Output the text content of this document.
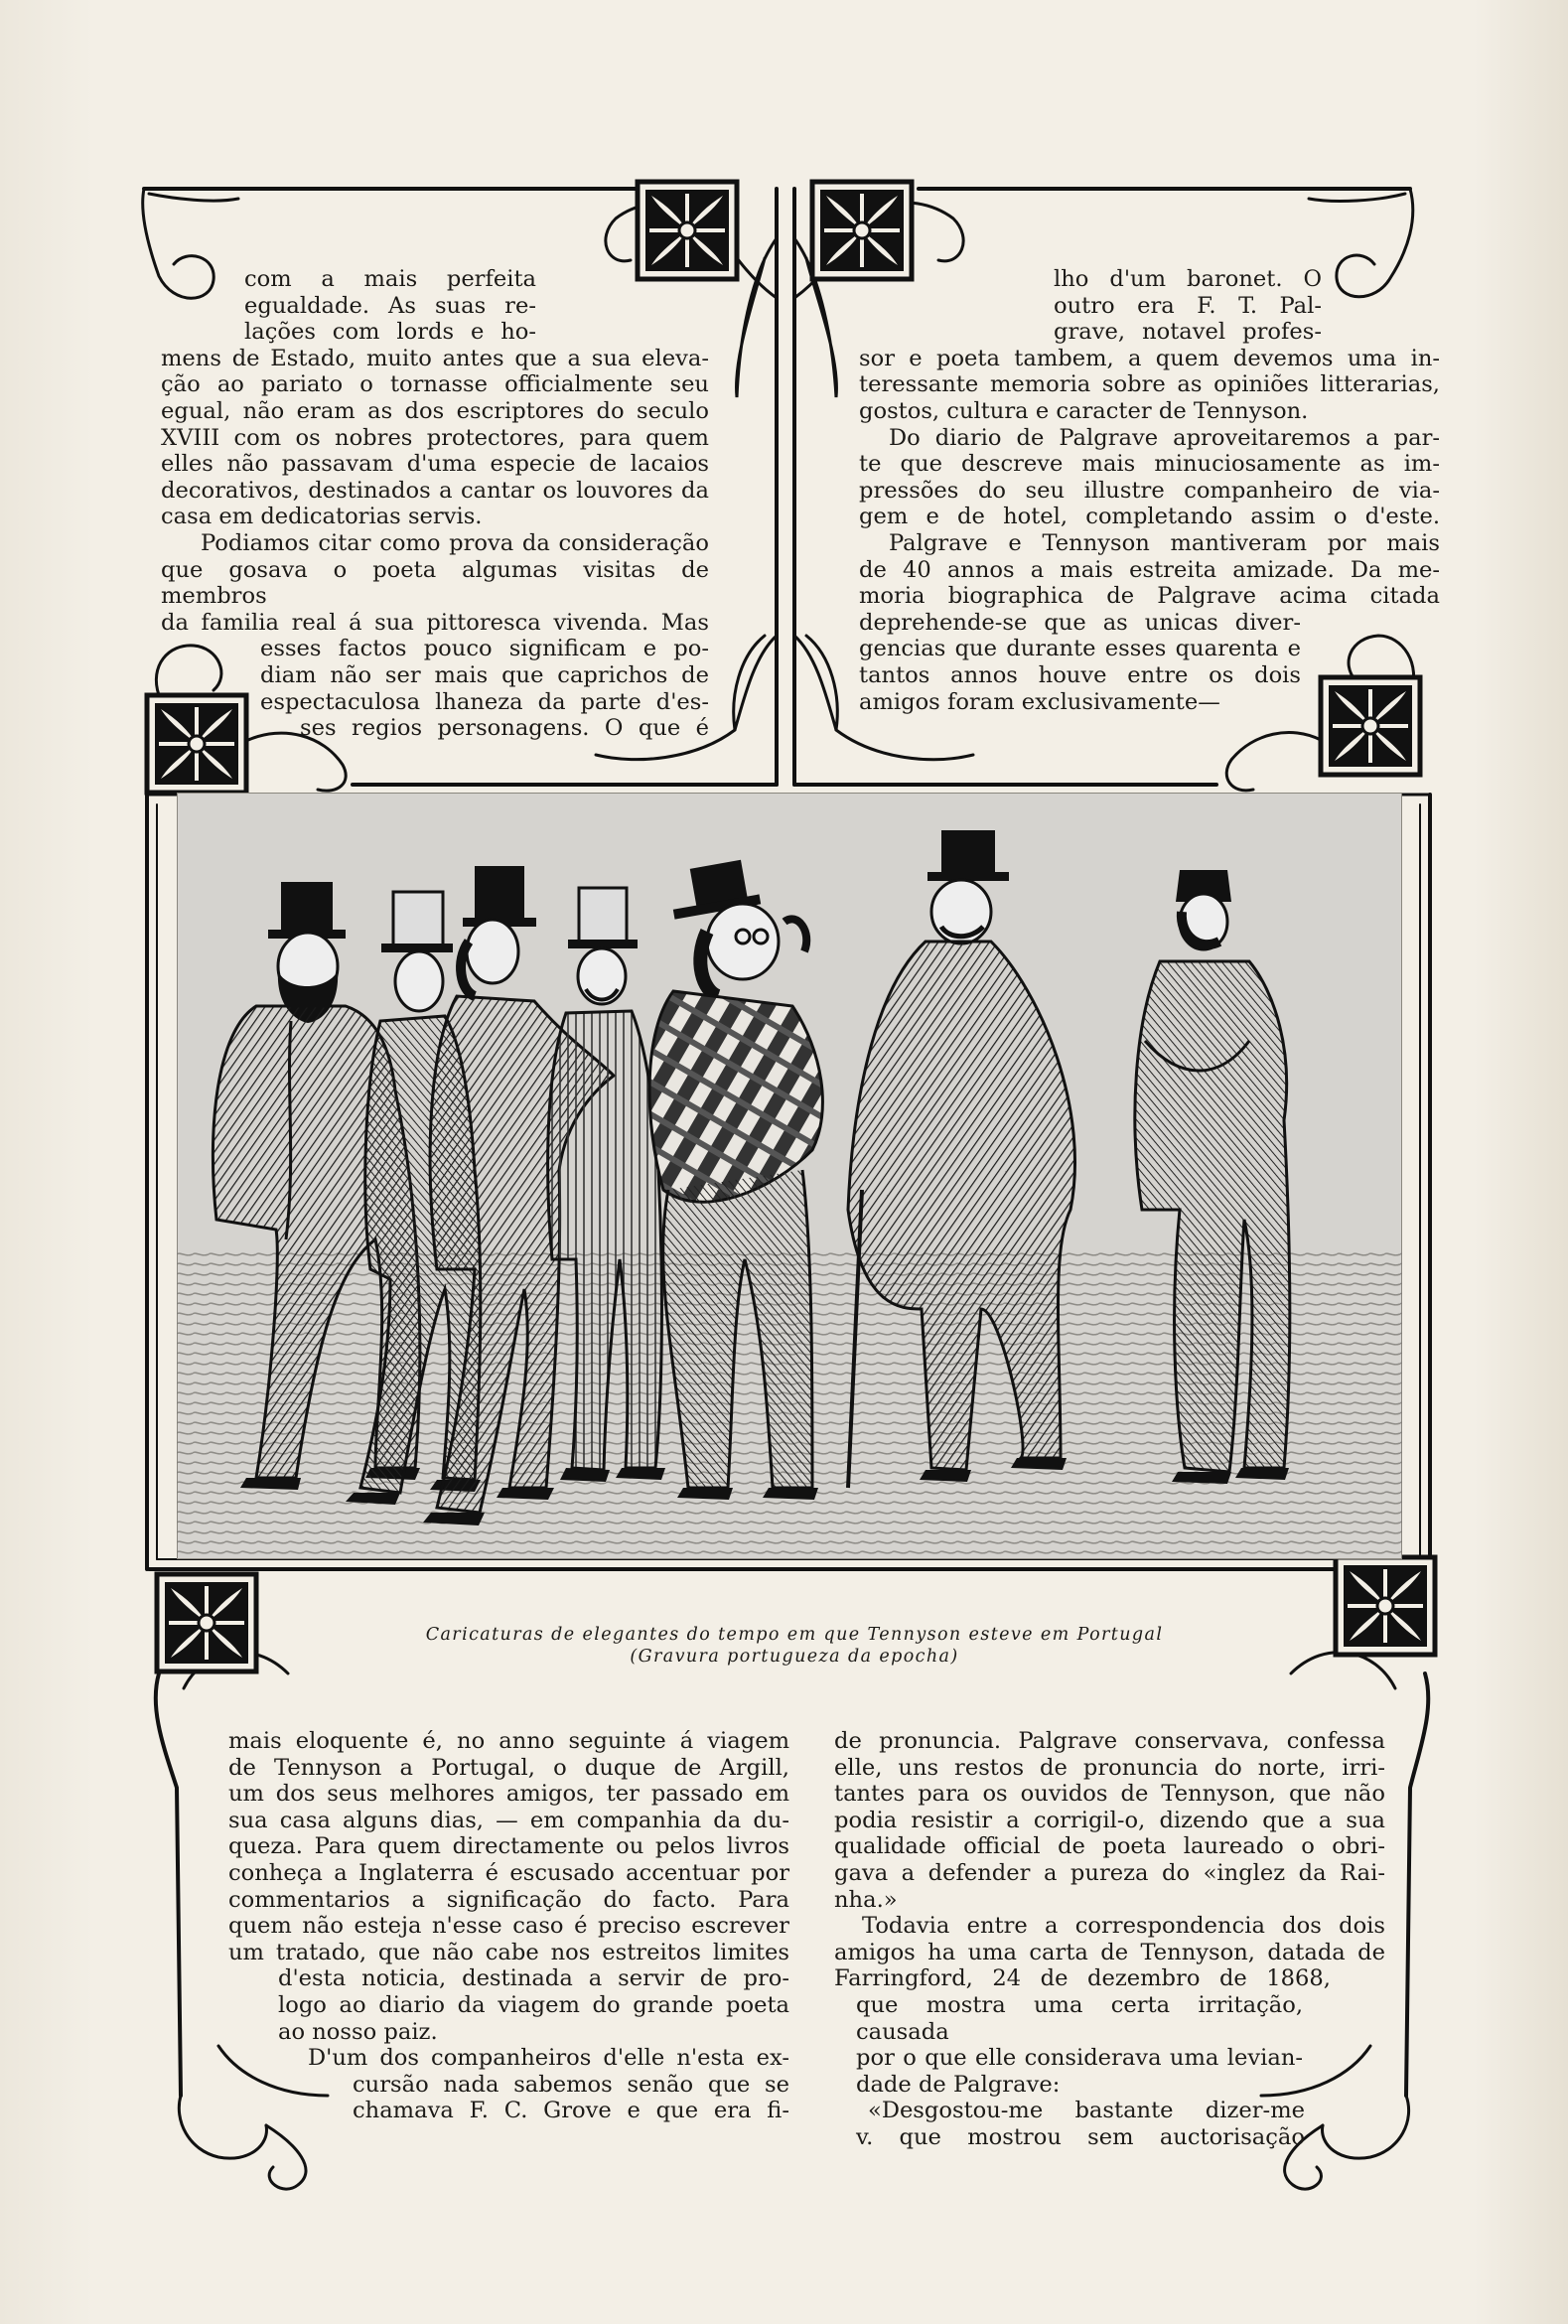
com a mais perfeita
egualdade. As suas re-
lações com lords e ho-
mens de Estado, muito antes que a sua eleva-
ção ao pariato o tornasse officialmente seu
egual, não eram as dos escriptores do seculo
XVIII com os nobres protectores, para quem
elles não passavam d'uma especie de lacaios
decorativos, destinados a cantar os louvores da
casa em dedicatorias servis.
Podiamos citar como prova da consideração
que gosava o poeta algumas visitas de membros
da familia real á sua pittoresca vivenda. Mas
esses factos pouco significam e po-
diam não ser mais que caprichos de
espectaculosa lhaneza da parte d'es-
ses regios personagens. O que é
lho d'um baronet. O
outro era F. T. Pal-
grave, notavel profes-
sor e poeta tambem, a quem devemos uma in-
teressante memoria sobre as opiniões litterarias,
gostos, cultura e caracter de Tennyson.
Do diario de Palgrave aproveitaremos a par-
te que descreve mais minuciosamente as im-
pressões do seu illustre companheiro de via-
gem e de hotel, completando assim o d'este.
Palgrave e Tennyson mantiveram por mais
de 40 annos a mais estreita amizade. Da me-
moria biographica de Palgrave acima citada
deprehende-se que as unicas diver-
gencias que durante esses quarenta e
tantos annos houve entre os dois
amigos foram exclusivamente—
Caricaturas de elegantes do tempo em que Tennyson esteve em Portugal
(Gravura portugueza da epocha)
mais eloquente é, no anno seguinte á viagem
de Tennyson a Portugal, o duque de Argill,
um dos seus melhores amigos, ter passado em
sua casa alguns dias, — em companhia da du-
queza. Para quem directamente ou pelos livros
conheça a Inglaterra é escusado accentuar por
commentarios a significação do facto. Para
quem não esteja n'esse caso é preciso escrever
um tratado, que não cabe nos estreitos limites
d'esta noticia, destinada a servir de pro-
logo ao diario da viagem do grande poeta
ao nosso paiz.
D'um dos companheiros d'elle n'esta ex-
cursão nada sabemos senão que se
chamava F. C. Grove e que era fi-
de pronuncia. Palgrave conservava, confessa
elle, uns restos de pronuncia do norte, irri-
tantes para os ouvidos de Tennyson, que não
podia resistir a corrigil-o, dizendo que a sua
qualidade official de poeta laureado o obri-
gava a defender a pureza do «inglez da Rai-
nha.»
Todavia entre a correspondencia dos dois
amigos ha uma carta de Tennyson, datada de
Farringford, 24 de dezembro de 1868,
que mostra uma certa irritação, causada
por o que elle considerava uma levian-
dade de Palgrave:
«Desgostou-me bastante dizer-me
v. que mostrou sem auctorisação
